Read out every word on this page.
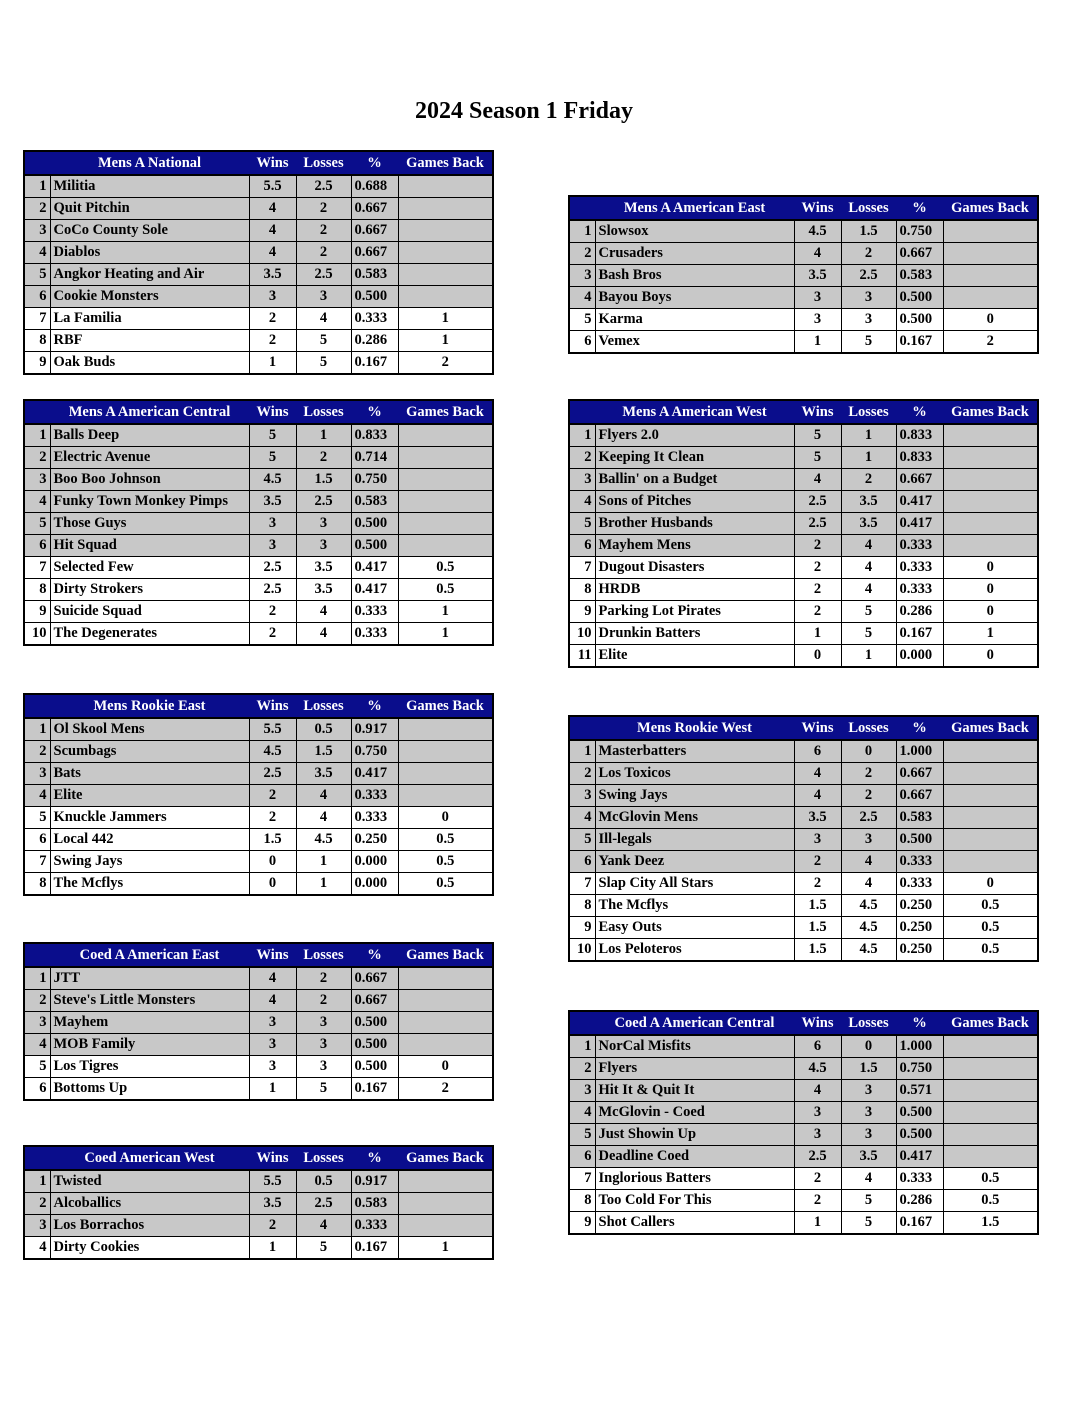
2024 Season 1 Friday
	Mens A National	Wins	Losses	%	Games Back
1	Militia	5.5	2.5	0.688	
2	Quit Pitchin	4	2	0.667	
3	CoCo County Sole	4	2	0.667	
4	Diablos	4	2	0.667	
5	Angkor Heating and Air	3.5	2.5	0.583	
6	Cookie Monsters	3	3	0.500	
7	La Familia	2	4	0.333	1
8	RBF	2	5	0.286	1
9	Oak Buds	1	5	0.167	2
	Mens A American East	Wins	Losses	%	Games Back
1	Slowsox	4.5	1.5	0.750	
2	Crusaders	4	2	0.667	
3	Bash Bros	3.5	2.5	0.583	
4	Bayou Boys	3	3	0.500	
5	Karma	3	3	0.500	0
6	Vemex	1	5	0.167	2
	Mens A American Central	Wins	Losses	%	Games Back
1	Balls Deep	5	1	0.833	
2	Electric Avenue	5	2	0.714	
3	Boo Boo Johnson	4.5	1.5	0.750	
4	Funky Town Monkey Pimps	3.5	2.5	0.583	
5	Those Guys	3	3	0.500	
6	Hit Squad	3	3	0.500	
7	Selected Few	2.5	3.5	0.417	0.5
8	Dirty Strokers	2.5	3.5	0.417	0.5
9	Suicide Squad	2	4	0.333	1
10	The Degenerates	2	4	0.333	1
	Mens A American West	Wins	Losses	%	Games Back
1	Flyers 2.0	5	1	0.833	
2	Keeping It Clean	5	1	0.833	
3	Ballin' on a Budget	4	2	0.667	
4	Sons of Pitches	2.5	3.5	0.417	
5	Brother Husbands	2.5	3.5	0.417	
6	Mayhem Mens	2	4	0.333	
7	Dugout Disasters	2	4	0.333	0
8	HRDB	2	4	0.333	0
9	Parking Lot Pirates	2	5	0.286	0
10	Drunkin Batters	1	5	0.167	1
11	Elite	0	1	0.000	0
	Mens Rookie East	Wins	Losses	%	Games Back
1	Ol Skool Mens	5.5	0.5	0.917	
2	Scumbags	4.5	1.5	0.750	
3	Bats	2.5	3.5	0.417	
4	Elite	2	4	0.333	
5	Knuckle Jammers	2	4	0.333	0
6	Local 442	1.5	4.5	0.250	0.5
7	Swing Jays	0	1	0.000	0.5
8	The Mcflys	0	1	0.000	0.5
	Mens Rookie West	Wins	Losses	%	Games Back
1	Masterbatters	6	0	1.000	
2	Los Toxicos	4	2	0.667	
3	Swing Jays	4	2	0.667	
4	McGlovin Mens	3.5	2.5	0.583	
5	Ill-legals	3	3	0.500	
6	Yank Deez	2	4	0.333	
7	Slap City All Stars	2	4	0.333	0
8	The Mcflys	1.5	4.5	0.250	0.5
9	Easy Outs	1.5	4.5	0.250	0.5
10	Los Peloteros	1.5	4.5	0.250	0.5
	Coed A American East	Wins	Losses	%	Games Back
1	JTT	4	2	0.667	
2	Steve's Little Monsters	4	2	0.667	
3	Mayhem	3	3	0.500	
4	MOB Family	3	3	0.500	
5	Los Tigres	3	3	0.500	0
6	Bottoms Up	1	5	0.167	2
	Coed A American Central	Wins	Losses	%	Games Back
1	NorCal Misfits	6	0	1.000	
2	Flyers	4.5	1.5	0.750	
3	Hit It & Quit It	4	3	0.571	
4	McGlovin - Coed	3	3	0.500	
5	Just Showin Up	3	3	0.500	
6	Deadline Coed	2.5	3.5	0.417	
7	Inglorious Batters	2	4	0.333	0.5
8	Too Cold For This	2	5	0.286	0.5
9	Shot Callers	1	5	0.167	1.5
	Coed American West	Wins	Losses	%	Games Back
1	Twisted	5.5	0.5	0.917	
2	Alcoballics	3.5	2.5	0.583	
3	Los Borrachos	2	4	0.333	
4	Dirty Cookies	1	5	0.167	1
